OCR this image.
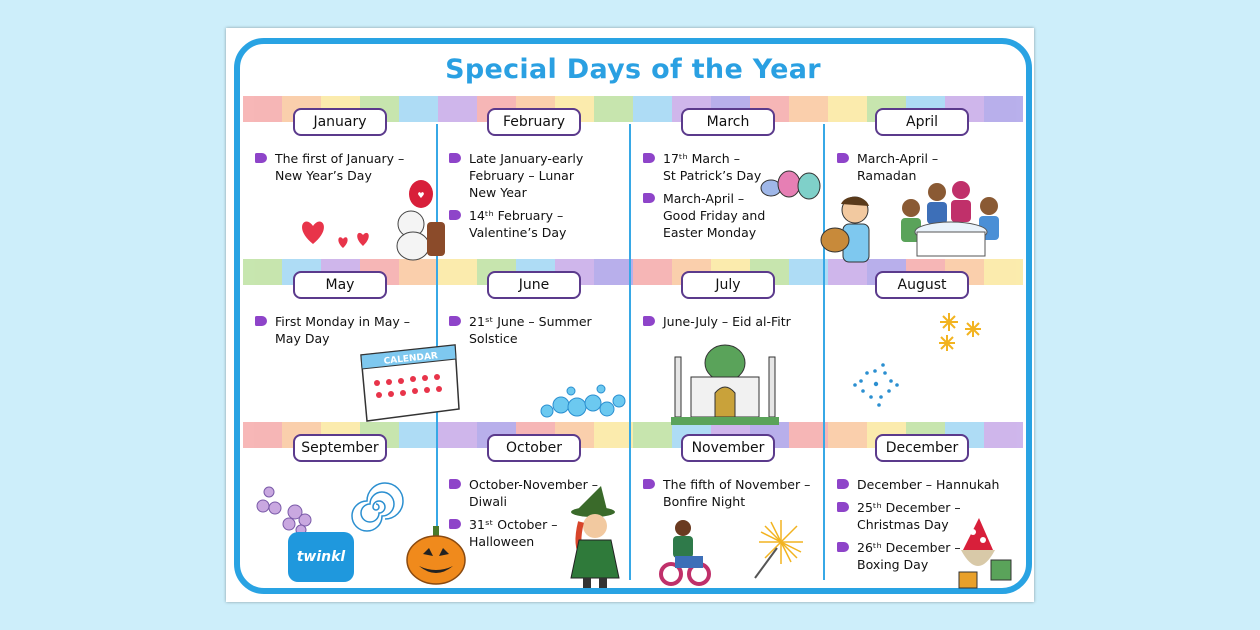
Special Days of the Year
January
The first of January –
New Year’s Day
♥
February
Late January-early
February – Lunar
New Year
14ᵗʰ February –
Valentine’s Day
March
17ᵗʰ March –
St Patrick’s Day
March-April –
Good Friday and
Easter Monday
April
March-April –
Ramadan
May
First Monday in May –
May Day
CALENDAR
June
21ˢᵗ June – Summer
Solstice
July
June-July – Eid al-Fitr
August
September	October
October-November –
Diwali
31ˢᵗ October –
Halloween
November
The fifth of November –
Bonfire Night
December
December – Hannukah
25ᵗʰ December –
Christmas Day
26ᵗʰ December –
Boxing Day
twinkl
